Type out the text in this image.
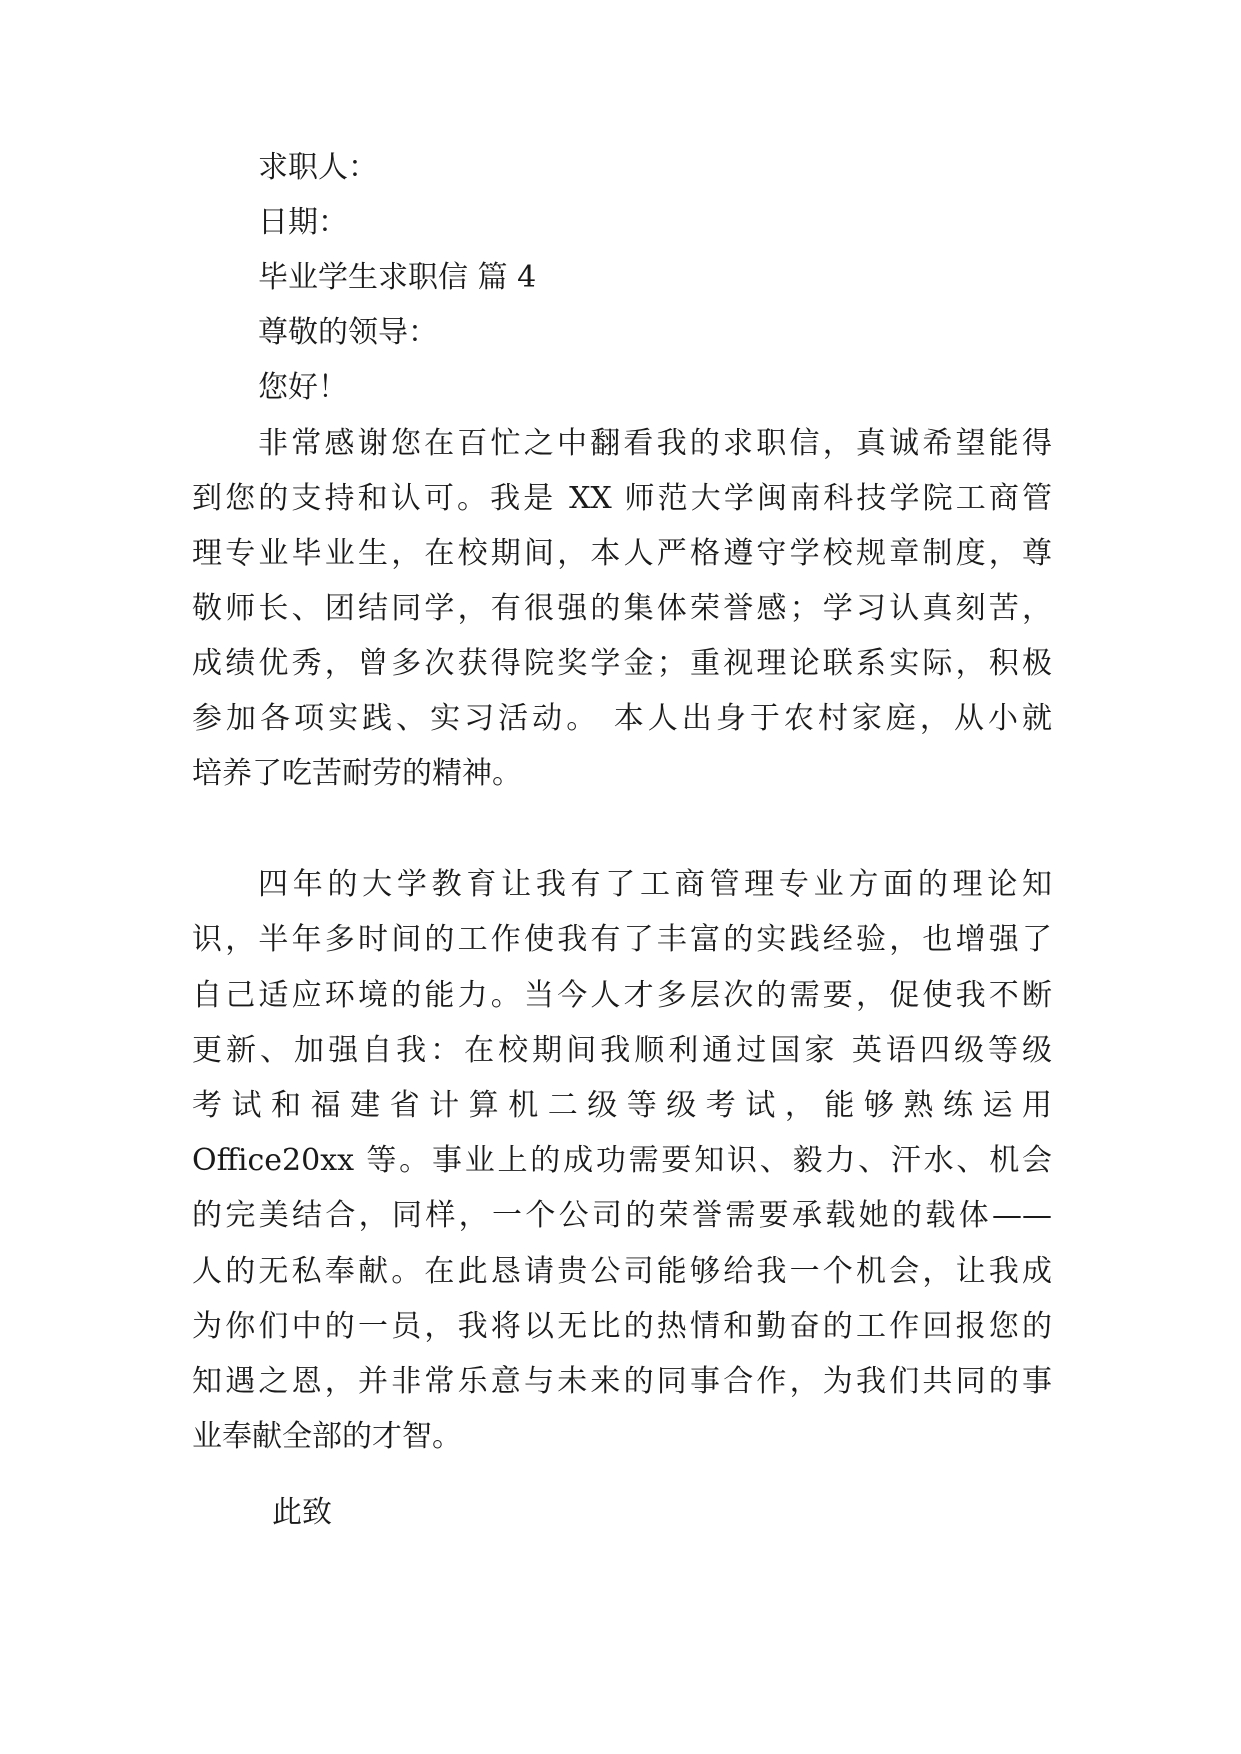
求职人：
日期：
毕业学生求职信 篇 4
尊敬的领导：
您好！
非常感谢您在百忙之中翻看我的求职信，真诚希望能得
到您的支持和认可。我是 XX 师范大学闽南科技学院工商管
理专业毕业生，在校期间，本人严格遵守学校规章制度，尊
敬师长、团结同学，有很强的集体荣誉感；学习认真刻苦，
成绩优秀，曾多次获得院奖学金；重视理论联系实际，积极
参加各项实践、实习活动。 本人出身于农村家庭，从小就
培养了吃苦耐劳的精神。
四年的大学教育让我有了工商管理专业方面的理论知
识，半年多时间的工作使我有了丰富的实践经验，也增强了
自己适应环境的能力。当今人才多层次的需要，促使我不断
更新、加强自我：在校期间我顺利通过国家 英语四级等级
考试和福建省计算机二级等级考试，能够熟练运用
Office20xx 等。事业上的成功需要知识、毅力、汗水、机会
的完美结合，同样，一个公司的荣誉需要承载她的载体——
人的无私奉献。在此恳请贵公司能够给我一个机会，让我成
为你们中的一员，我将以无比的热情和勤奋的工作回报您的
知遇之恩，并非常乐意与未来的同事合作，为我们共同的事
业奉献全部的才智。
此致
